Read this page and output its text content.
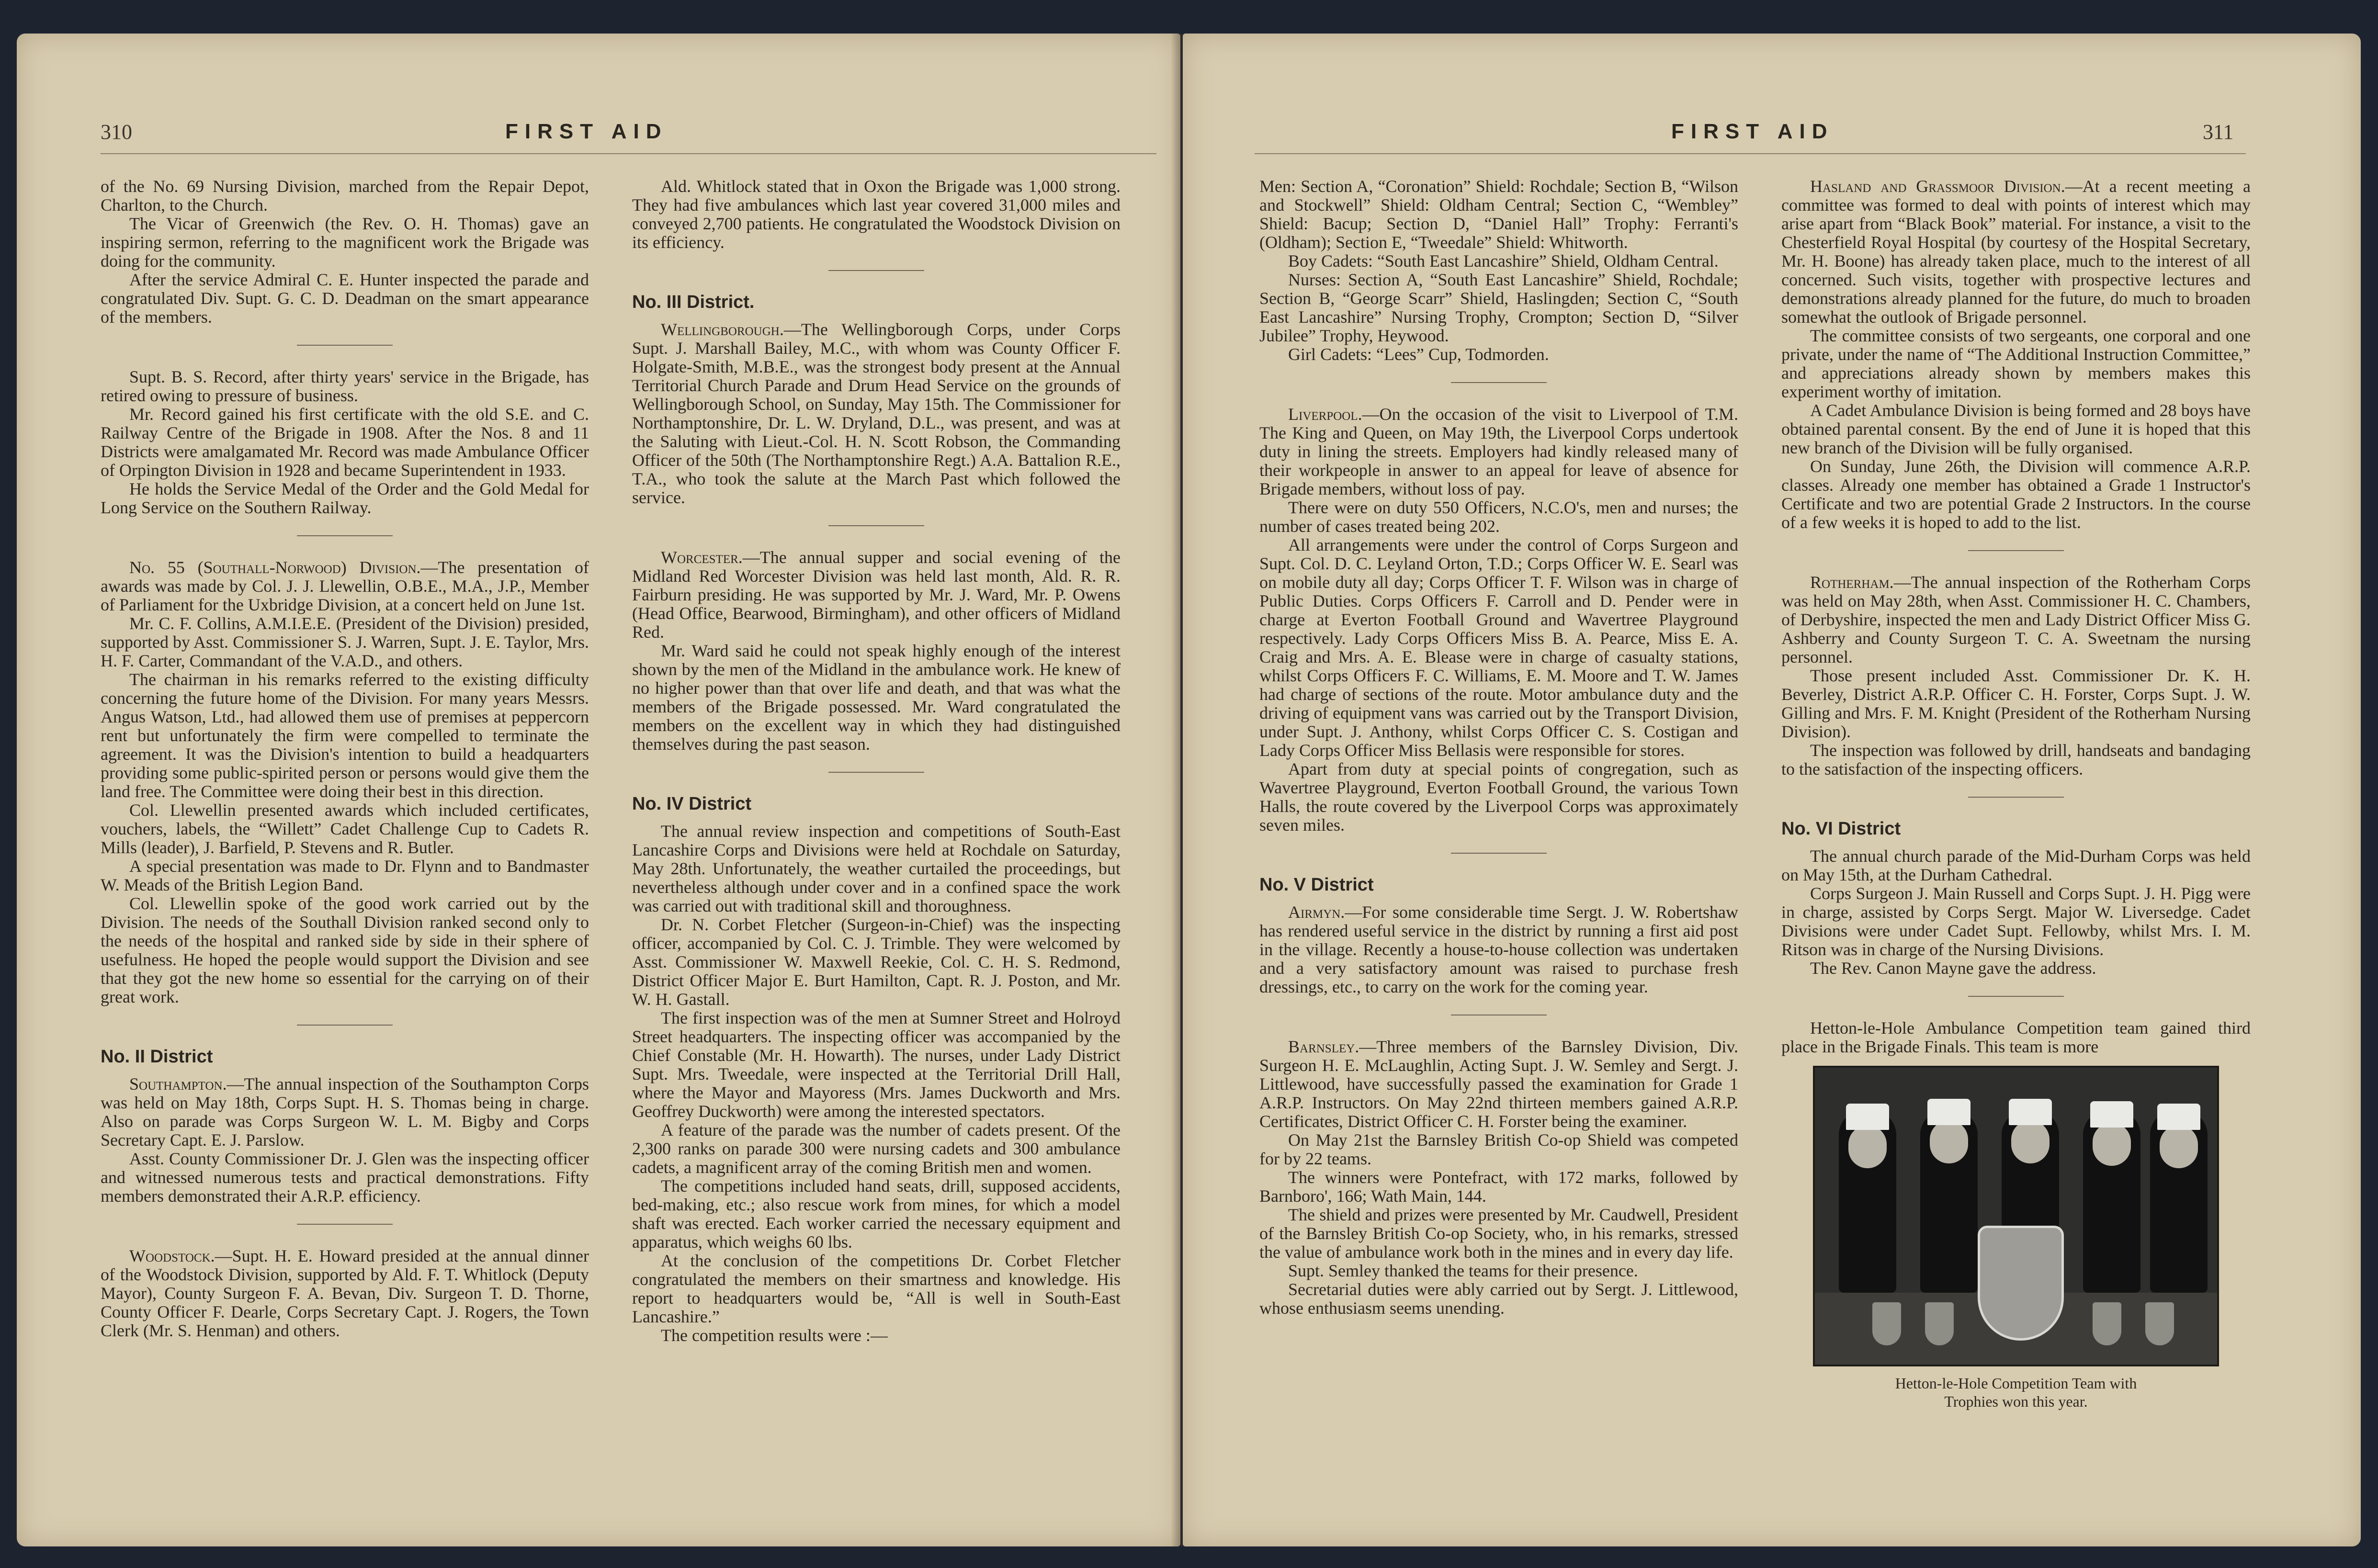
310	FIRST AID

of the No. 69 Nursing Division, marched from the Repair Depot, Charlton, to the Church.

The Vicar of Greenwich (the Rev. O. H. Thomas) gave an inspiring sermon, referring to the magnificent work the Brigade was doing for the community.

After the service Admiral C. E. Hunter inspected the parade and congratulated Div. Supt. G. C. D. Deadman on the smart appearance of the members.

Supt. B. S. Record, after thirty years' service in the Brigade, has retired owing to pressure of business.

Mr. Record gained his first certificate with the old S.E. and C. Railway Centre of the Brigade in 1908. After the Nos. 8 and 11 Districts were amalgamated Mr. Record was made Ambulance Officer of Orpington Division in 1928 and became Superintendent in 1933.

He holds the Service Medal of the Order and the Gold Medal for Long Service on the Southern Railway.

No. 55 (Southall-Norwood) Division.—The presentation of awards was made by Col. J. J. Llewellin, O.B.E., M.A., J.P., Member of Parliament for the Uxbridge Division, at a concert held on June 1st.

Mr. C. F. Collins, A.M.I.E.E. (President of the Division) presided, supported by Asst. Commissioner S. J. Warren, Supt. J. E. Taylor, Mrs. H. F. Carter, Commandant of the V.A.D., and others.

The chairman in his remarks referred to the existing difficulty concerning the future home of the Division. For many years Messrs. Angus Watson, Ltd., had allowed them use of premises at peppercorn rent but unfortunately the firm were compelled to terminate the agreement. It was the Division's intention to build a headquarters providing some public-spirited person or persons would give them the land free. The Committee were doing their best in this direction.

Col. Llewellin presented awards which included certificates, vouchers, labels, the “Willett” Cadet Challenge Cup to Cadets R. Mills (leader), J. Barfield, P. Stevens and R. Butler.

A special presentation was made to Dr. Flynn and to Bandmaster W. Meads of the British Legion Band.

Col. Llewellin spoke of the good work carried out by the Division. The needs of the Southall Division ranked second only to the needs of the hospital and ranked side by side in their sphere of usefulness. He hoped the people would support the Division and see that they got the new home so essential for the carrying on of their great work.

No. II District

Southampton.—The annual inspection of the Southampton Corps was held on May 18th, Corps Supt. H. S. Thomas being in charge. Also on parade was Corps Surgeon W. L. M. Bigby and Corps Secretary Capt. E. J. Parslow.

Asst. County Commissioner Dr. J. Glen was the inspecting officer and witnessed numerous tests and practical demonstrations. Fifty members demonstrated their A.R.P. efficiency.

Woodstock.—Supt. H. E. Howard presided at the annual dinner of the Woodstock Division, supported by Ald. F. T. Whitlock (Deputy Mayor), County Surgeon F. A. Bevan, Div. Surgeon T. D. Thorne, County Officer F. Dearle, Corps Secretary Capt. J. Rogers, the Town Clerk (Mr. S. Henman) and others.

Ald. Whitlock stated that in Oxon the Brigade was 1,000 strong. They had five ambulances which last year covered 31,000 miles and conveyed 2,700 patients. He congratulated the Woodstock Division on its efficiency.

No. III District.

Wellingborough.—The Wellingborough Corps, under Corps Supt. J. Marshall Bailey, M.C., with whom was County Officer F. Holgate-Smith, M.B.E., was the strongest body present at the Annual Territorial Church Parade and Drum Head Service on the grounds of Wellingborough School, on Sunday, May 15th. The Commissioner for Northamptonshire, Dr. L. W. Dryland, D.L., was present, and was at the Saluting with Lieut.-Col. H. N. Scott Robson, the Commanding Officer of the 50th (The Northamptonshire Regt.) A.A. Battalion R.E., T.A., who took the salute at the March Past which followed the service.

Worcester.—The annual supper and social evening of the Midland Red Worcester Division was held last month, Ald. R. R. Fairburn presiding. He was supported by Mr. J. Ward, Mr. P. Owens (Head Office, Bearwood, Birmingham), and other officers of Midland Red.

Mr. Ward said he could not speak highly enough of the interest shown by the men of the Midland in the ambulance work. He knew of no higher power than that over life and death, and that was what the members of the Brigade possessed. Mr. Ward congratulated the members on the excellent way in which they had distinguished themselves during the past season.

No. IV District

The annual review inspection and competitions of South-East Lancashire Corps and Divisions were held at Rochdale on Saturday, May 28th. Unfortunately, the weather curtailed the proceedings, but nevertheless although under cover and in a confined space the work was carried out with traditional skill and thoroughness.

Dr. N. Corbet Fletcher (Surgeon-in-Chief) was the inspecting officer, accompanied by Col. C. J. Trimble. They were welcomed by Asst. Commissioner W. Maxwell Reekie, Col. C. H. S. Redmond, District Officer Major E. Burt Hamilton, Capt. R. J. Poston, and Mr. W. H. Gastall.

The first inspection was of the men at Sumner Street and Holroyd Street headquarters. The inspecting officer was accompanied by the Chief Constable (Mr. H. Howarth). The nurses, under Lady District Supt. Mrs. Tweedale, were inspected at the Territorial Drill Hall, where the Mayor and Mayoress (Mrs. James Duckworth and Mrs. Geoffrey Duckworth) were among the interested spectators.

A feature of the parade was the number of cadets present. Of the 2,300 ranks on parade 300 were nursing cadets and 300 ambulance cadets, a magnificent array of the coming British men and women.

The competitions included hand seats, drill, supposed accidents, bed-making, etc.; also rescue work from mines, for which a model shaft was erected. Each worker carried the necessary equipment and apparatus, which weighs 60 lbs.

At the conclusion of the competitions Dr. Corbet Fletcher congratulated the members on their smartness and knowledge. His report to headquarters would be, “All is well in South-East Lancashire.”

The competition results were :—

FIRST AID	311

Men: Section A, “Coronation” Shield: Rochdale; Section B, “Wilson and Stockwell” Shield: Oldham Central; Section C, “Wembley” Shield: Bacup; Section D, “Daniel Hall” Trophy: Ferranti's (Oldham); Section E, “Tweedale” Shield: Whitworth.

Boy Cadets: “South East Lancashire” Shield, Oldham Central.

Nurses: Section A, “South East Lancashire” Shield, Rochdale; Section B, “George Scarr” Shield, Haslingden; Section C, “South East Lancashire” Nursing Trophy, Crompton; Section D, “Silver Jubilee” Trophy, Heywood.

Girl Cadets: “Lees” Cup, Todmorden.

Liverpool.—On the occasion of the visit to Liverpool of T.M. The King and Queen, on May 19th, the Liverpool Corps undertook duty in lining the streets. Employers had kindly released many of their workpeople in answer to an appeal for leave of absence for Brigade members, without loss of pay.

There were on duty 550 Officers, N.C.O's, men and nurses; the number of cases treated being 202.

All arrangements were under the control of Corps Surgeon and Supt. Col. D. C. Leyland Orton, T.D.; Corps Officer W. E. Searl was on mobile duty all day; Corps Officer T. F. Wilson was in charge of Public Duties. Corps Officers F. Carroll and D. Pender were in charge at Everton Football Ground and Wavertree Playground respectively. Lady Corps Officers Miss B. A. Pearce, Miss E. A. Craig and Mrs. A. E. Blease were in charge of casualty stations, whilst Corps Officers F. C. Williams, E. M. Moore and T. W. James had charge of sections of the route. Motor ambulance duty and the driving of equipment vans was carried out by the Transport Division, under Supt. J. Anthony, whilst Corps Officer C. S. Costigan and Lady Corps Officer Miss Bellasis were responsible for stores.

Apart from duty at special points of congregation, such as Wavertree Playground, Everton Football Ground, the various Town Halls, the route covered by the Liverpool Corps was approximately seven miles.

No. V District

Airmyn.—For some considerable time Sergt. J. W. Robertshaw has rendered useful service in the district by running a first aid post in the village. Recently a house-to-house collection was undertaken and a very satisfactory amount was raised to purchase fresh dressings, etc., to carry on the work for the coming year.

Barnsley.—Three members of the Barnsley Division, Div. Surgeon H. E. McLaughlin, Acting Supt. J. W. Semley and Sergt. J. Littlewood, have successfully passed the examination for Grade 1 A.R.P. Instructors. On May 22nd thirteen members gained A.R.P. Certificates, District Officer C. H. Forster being the examiner.

On May 21st the Barnsley British Co-op Shield was competed for by 22 teams.

The winners were Pontefract, with 172 marks, followed by Barnboro', 166; Wath Main, 144.

The shield and prizes were presented by Mr. Caudwell, President of the Barnsley British Co-op Society, who, in his remarks, stressed the value of ambulance work both in the mines and in every day life.

Supt. Semley thanked the teams for their presence.

Secretarial duties were ably carried out by Sergt. J. Littlewood, whose enthusiasm seems unending.

Hasland and Grassmoor Division.—At a recent meeting a committee was formed to deal with points of interest which may arise apart from “Black Book” material. For instance, a visit to the Chesterfield Royal Hospital (by courtesy of the Hospital Secretary, Mr. H. Boone) has already taken place, much to the interest of all concerned. Such visits, together with prospective lectures and demonstrations already planned for the future, do much to broaden somewhat the outlook of Brigade personnel.

The committee consists of two sergeants, one corporal and one private, under the name of “The Additional Instruction Committee,” and appreciations already shown by members makes this experiment worthy of imitation.

A Cadet Ambulance Division is being formed and 28 boys have obtained parental consent. By the end of June it is hoped that this new branch of the Division will be fully organised.

On Sunday, June 26th, the Division will commence A.R.P. classes. Already one member has obtained a Grade 1 Instructor's Certificate and two are potential Grade 2 Instructors. In the course of a few weeks it is hoped to add to the list.

Rotherham.—The annual inspection of the Rotherham Corps was held on May 28th, when Asst. Commissioner H. C. Chambers, of Derbyshire, inspected the men and Lady District Officer Miss G. Ashberry and County Surgeon T. C. A. Sweetnam the nursing personnel.

Those present included Asst. Commissioner Dr. K. H. Beverley, District A.R.P. Officer C. H. Forster, Corps Supt. J. W. Gilling and Mrs. F. M. Knight (President of the Rotherham Nursing Division).

The inspection was followed by drill, handseats and bandaging to the satisfaction of the inspecting officers.

No. VI District

The annual church parade of the Mid-Durham Corps was held on May 15th, at the Durham Cathedral.

Corps Surgeon J. Main Russell and Corps Supt. J. H. Pigg were in charge, assisted by Corps Sergt. Major W. Liversedge. Cadet Divisions were under Cadet Supt. Fellowby, whilst Mrs. I. M. Ritson was in charge of the Nursing Divisions.

The Rev. Canon Mayne gave the address.

Hetton-le-Hole Ambulance Competition team gained third place in the Brigade Finals. This team is more

Hetton-le-Hole Competition Team with
Trophies won this year.
